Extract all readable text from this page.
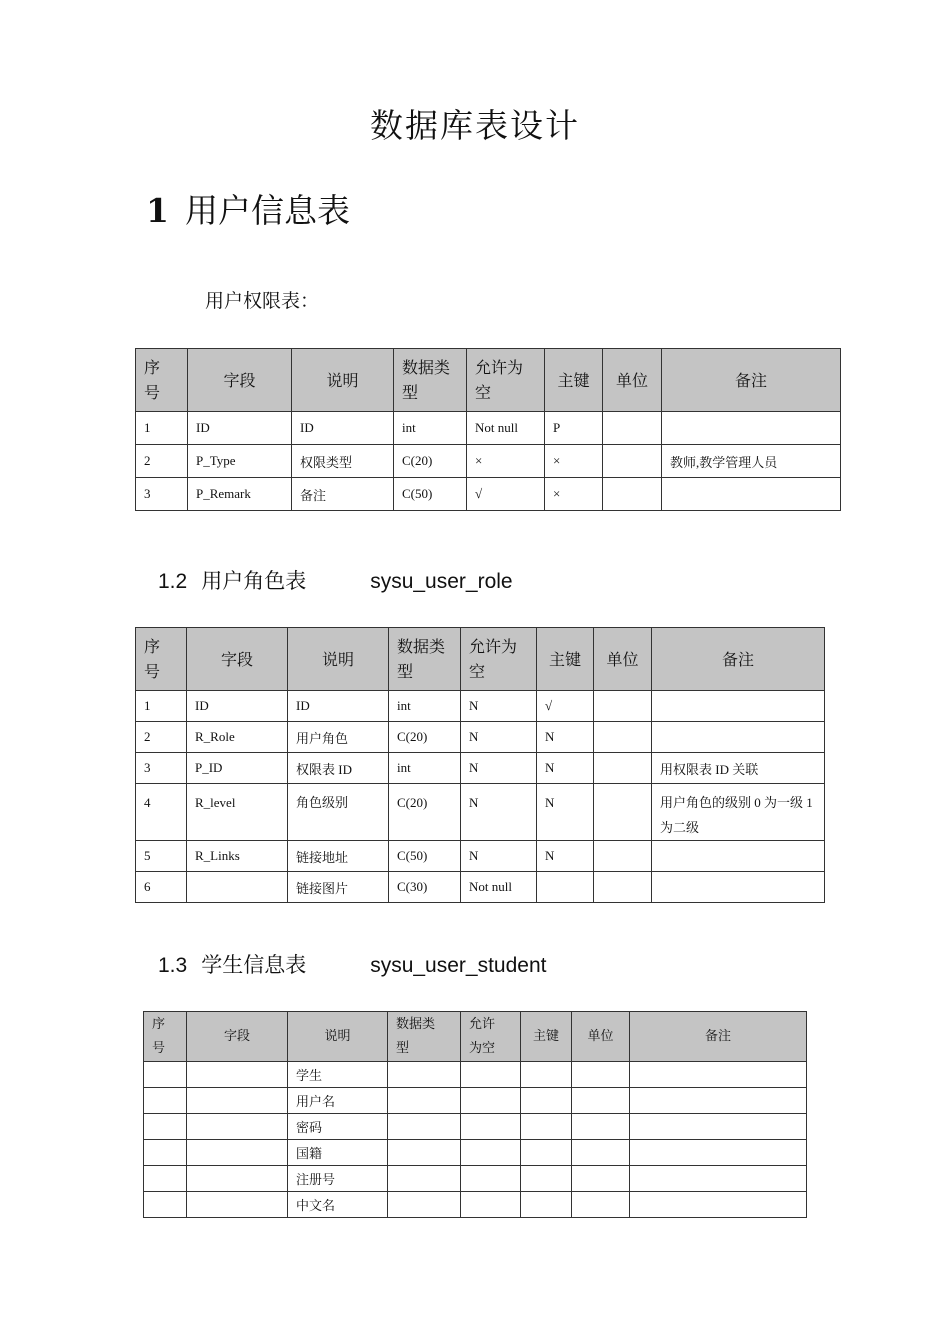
数据库表设计
1 用户信息表
用户权限表：
序号	字段	说明	数据类型	允许为空	主键	单位	备注
1	ID	ID	int	Not null	P		
2	P_Type	权限类型	C(20)	×	×		教师,教学管理人员
3	P_Remark	备注	C(50)	√	×		
1.2 用户角色表	sysu_user_role
序号	字段	说明	数据类型	允许为空	主键	单位	备注
1	ID	ID	int	N	√		
2	R_Role	用户角色	C(20)	N	N		
3	P_ID	权限表 ID	int	N	N		用权限表 ID 关联
4	R_level	角色级别	C(20)	N	N		用户角色的级别 0 为一级 1 为二级
5	R_Links	链接地址	C(50)	N	N		
6		链接图片	C(30)	Not null			
1.3 学生信息表	sysu_user_student
序号	字段	说明	数据类型	允许为空	主键	单位	备注
		学生					
		用户名					
		密码					
		国籍					
		注册号					
		中文名					
